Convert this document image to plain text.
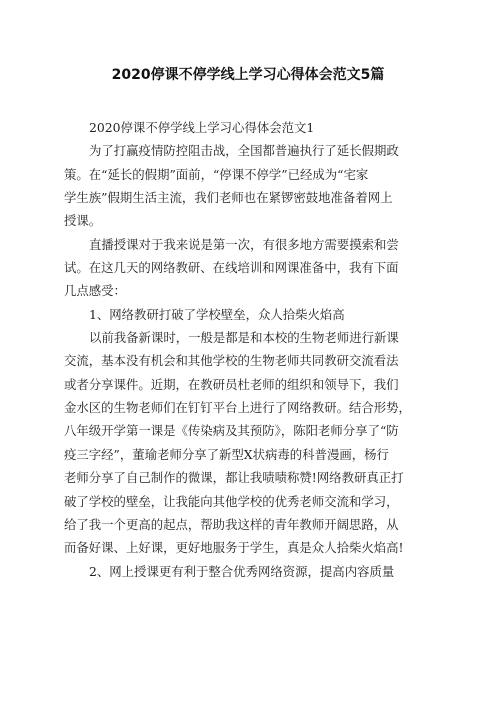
2020停课不停学线上学习心得体会范文5篇
2020停课不停学线上学习心得体会范文1
为了打赢疫情防控阻击战，全国都普遍执行了延长假期政
策。在“延长的假期”面前，“停课不停学”已经成为“宅家
学生族”假期生活主流，我们老师也在紧锣密鼓地准备着网上
授课。
直播授课对于我来说是第一次，有很多地方需要摸索和尝
试。在这几天的网络教研、在线培训和网课准备中，我有下面
几点感受：
1、网络教研打破了学校壁垒，众人拾柴火焰高
以前我备新课时，一般是都是和本校的生物老师进行新课
交流，基本没有机会和其他学校的生物老师共同教研交流看法
或者分享课件。近期，在教研员杜老师的组织和领导下，我们
金水区的生物老师们在钉钉平台上进行了网络教研。结合形势，
八年级开学第一课是《传染病及其预防》，陈阳老师分享了“防
疫三字经”，董瑜老师分享了新型X状病毒的科普漫画，杨行
老师分享了自己制作的微课，都让我啧啧称赞!网络教研真正打
破了学校的壁垒，让我能向其他学校的优秀老师交流和学习，
给了我一个更高的起点，帮助我这样的青年教师开阔思路，从
而备好课、上好课，更好地服务于学生，真是众人拾柴火焰高!
2、网上授课更有利于整合优秀网络资源，提高内容质量
